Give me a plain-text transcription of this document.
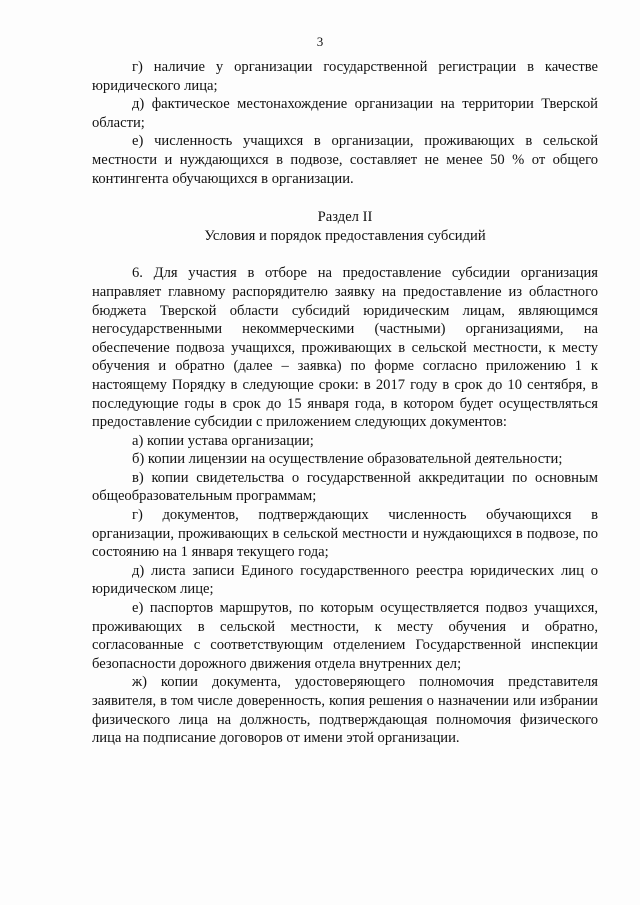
3

г) наличие у организации государственной регистрации в качестве юридического лица;

д) фактическое местонахождение организации на территории Тверской области;

е) численность учащихся в организации, проживающих в сельской местности и нуждающихся в подвозе, составляет не менее 50 % от общего контингента обучающихся в организации.

Раздел II

Условия и порядок предоставления субсидий

6. Для участия в отборе на предоставление субсидии организация направляет главному распорядителю заявку на предоставление из областного бюджета Тверской области субсидий юридическим лицам, являющимся негосударственными некоммерческими (частными) организациями, на обеспечение подвоза учащихся, проживающих в сельской местности, к месту обучения и обратно (далее – заявка) по форме согласно приложению 1 к настоящему Порядку в следующие сроки: в 2017 году в срок до 10 сентября, в последующие годы в срок до 15 января года, в котором будет осуществляться предоставление субсидии с приложением следующих документов:

а) копии устава организации;

б) копии лицензии на осуществление образовательной деятельности;

в) копии свидетельства о государственной аккредитации по основным общеобразовательным программам;

г) документов, подтверждающих численность обучающихся в организации, проживающих в сельской местности и нуждающихся в подвозе, по состоянию на 1 января текущего года;

д) листа записи Единого государственного реестра юридических лиц о юридическом лице;

е) паспортов маршрутов, по которым осуществляется подвоз учащихся, проживающих в сельской местности, к месту обучения и обратно, согласованные с соответствующим отделением Государственной инспекции безопасности дорожного движения отдела внутренних дел;

ж) копии документа, удостоверяющего полномочия представителя заявителя, в том числе доверенность, копия решения о назначении или избрании физического лица на должность, подтверждающая полномочия физического лица на подписание договоров от имени этой организации.
